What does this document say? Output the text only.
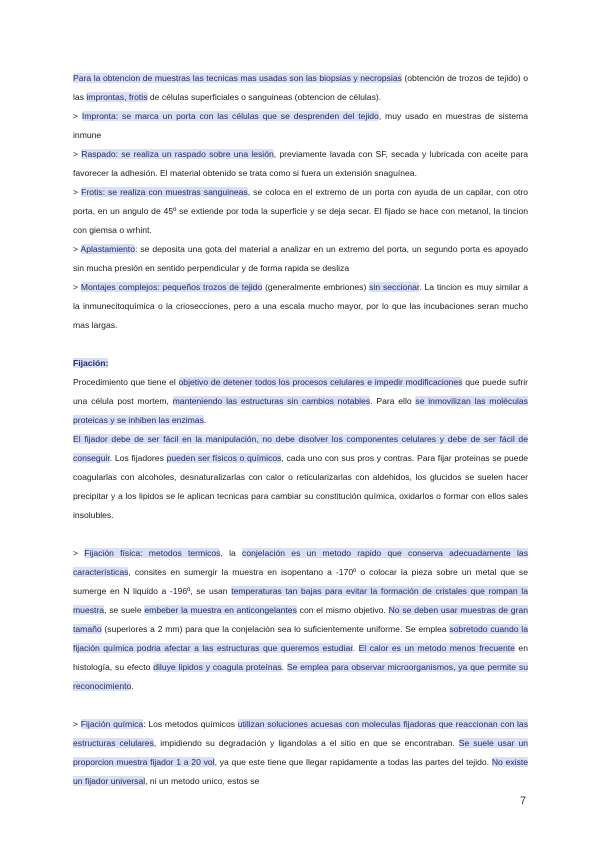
Para la obtencion de muestras las tecnicas mas usadas son las biopsias y necropsias (obtención de trozos de tejido) o las improntas, frotis de células superficiales o sanguineas (obtencion de células).

> Impronta: se marca un porta con las células que se desprenden del tejido, muy usado en muestras de sistema inmune

> Raspado: se realiza un raspado sobre una lesión, previamente lavada con SF, secada y lubricada con aceite para favorecer la adhesión. El material obtenido se trata como si fuera un extensión snaguínea.

> Frotis: se realiza con muestras sanguineas, se coloca en el extremo de un porta con ayuda de un capilar, con otro porta, en un angulo de 45º se extiende por toda la superficie y se deja secar. El fijado se hace con metanol, la tincion con giemsa o wrhint.

> Aplastamiento: se deposita una gota del material a analizar en un extremo del porta, un segundo porta es apoyado sin mucha presión en sentido perpendicular y de forma rapida se desliza

> Montajes complejos: pequeños trozos de tejido (generalmente embriones) sin seccionar. La tincion es muy similar a la inmunecitoquímica o la criosecciones, pero a una escala mucho mayor, por lo que las incubaciones seran mucho mas largas.

Fijación:

Procedimiento que tiene el objetivo de detener todos los procesos celulares e impedir modificaciones que puede sufrir una célula post mortem, manteniendo las estructuras sin cambios notables. Para ello se inmovilizan las moléculas proteicas y se inhiben las enzimas.

El fijador debe de ser fácil en la manipulación, no debe disolver los componentes celulares y debe de ser fácil de conseguir. Los fijadores pueden ser físicos o químicos, cada uno con sus pros y contras. Para fijar proteinas se puede coagularlas con alcoholes, desnaturalizarlas con calor o reticularizarlas con aldehidos, los glucidos se suelen hacer precipitar y a los lipidos se le aplican tecnicas para cambiar su constitución química, oxidarlos o formar con ellos sales insolubles.

> Fijación física: metodos termicos, la conjelación es un metodo rapido que conserva adecuadamente las características, consites en sumergir la muestra en isopentano a -170º o colocar la pieza sobre un metal que se sumerge en N liquido a -196º, se usan temperaturas tan bajas para evitar la formación de cristales que rompan la muestra, se suele embeber la muestra en anticongelantes con el mismo objetivo. No se deben usar muestras de gran tamaño (superiores a 2 mm) para que la conjelación sea lo suficientemente uniforme. Se emplea sobretodo cuando la fijación química podria afectar a las estructuras que queremos estudiar. El calor es un metodo menos frecuente en histología, su efecto diluye lipidos y coagula proteínas. Se emplea para observar microorganismos, ya que permite su reconocimiento.

> Fijación química: Los metodos químicos utilizan soluciones acuesas con moleculas fijadoras que reaccionan con las estructuras celulares, impidiendo su degradación y ligandolas a el sitio en que se encontraban. Se suele usar un proporcion muestra fijador 1 a 20 vol, ya que este tiene que llegar rapidamente a todas las partes del tejido. No existe un fijador universal, ni un metodo unico, estos se

7
